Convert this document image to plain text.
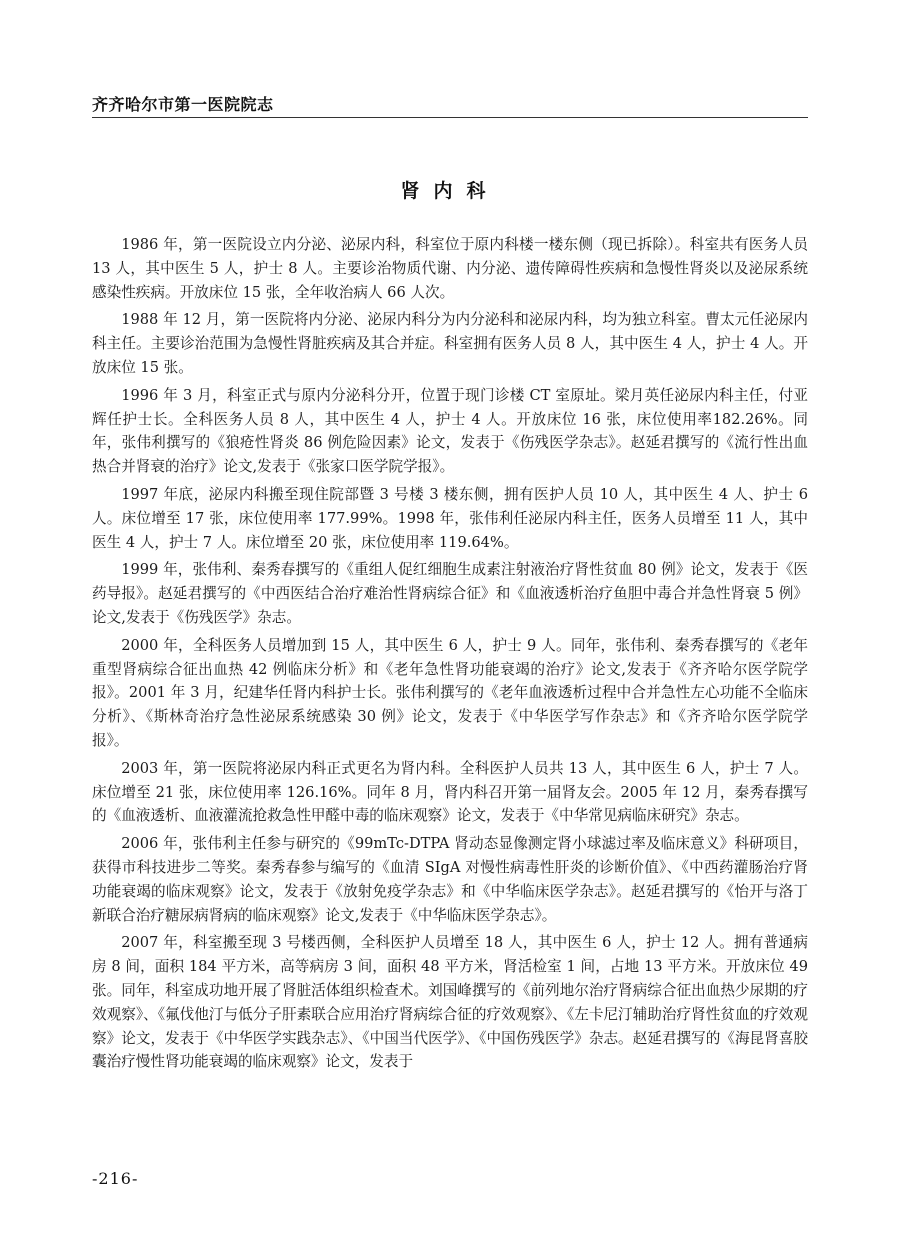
齐齐哈尔市第一医院院志
肾内科

1986 年，第一医院设立内分泌、泌尿内科，科室位于原内科楼一楼东侧（现已拆除）。科室共有医务人员 13 人，其中医生 5 人，护士 8 人。主要诊治物质代谢、内分泌、遗传障碍性疾病和急慢性肾炎以及泌尿系统感染性疾病。开放床位 15 张，全年收治病人 66 人次。

1988 年 12 月，第一医院将内分泌、泌尿内科分为内分泌科和泌尿内科，均为独立科室。曹太元任泌尿内科主任。主要诊治范围为急慢性肾脏疾病及其合并症。科室拥有医务人员 8 人，其中医生 4 人，护士 4 人。开放床位 15 张。

1996 年 3 月，科室正式与原内分泌科分开，位置于现门诊楼 CT 室原址。梁月英任泌尿内科主任，付亚辉任护士长。全科医务人员 8 人，其中医生 4 人，护士 4 人。开放床位 16 张，床位使用率182.26%。同年，张伟利撰写的《狼疮性肾炎 86 例危险因素》论文，发表于《伤残医学杂志》。赵延君撰写的《流行性出血热合并肾衰的治疗》论文,发表于《张家口医学院学报》。

1997 年底，泌尿内科搬至现住院部暨 3 号楼 3 楼东侧，拥有医护人员 10 人，其中医生 4 人、护士 6 人。床位增至 17 张，床位使用率 177.99%。1998 年，张伟利任泌尿内科主任，医务人员增至 11 人，其中医生 4 人，护士 7 人。床位增至 20 张，床位使用率 119.64%。

1999 年，张伟利、秦秀春撰写的《重组人促红细胞生成素注射液治疗肾性贫血 80 例》论文，发表于《医药导报》。赵延君撰写的《中西医结合治疗难治性肾病综合征》和《血液透析治疗鱼胆中毒合并急性肾衰 5 例》论文,发表于《伤残医学》杂志。

2000 年，全科医务人员增加到 15 人，其中医生 6 人，护士 9 人。同年，张伟利、秦秀春撰写的《老年重型肾病综合征出血热 42 例临床分析》和《老年急性肾功能衰竭的治疗》论文,发表于《齐齐哈尔医学院学报》。2001 年 3 月，纪建华任肾内科护士长。张伟利撰写的《老年血液透析过程中合并急性左心功能不全临床分析》、《斯林奇治疗急性泌尿系统感染 30 例》论文，发表于《中华医学写作杂志》和《齐齐哈尔医学院学报》。

2003 年，第一医院将泌尿内科正式更名为肾内科。全科医护人员共 13 人，其中医生 6 人，护士 7 人。床位增至 21 张，床位使用率 126.16%。同年 8 月，肾内科召开第一届肾友会。2005 年 12 月，秦秀春撰写的《血液透析、血液灌流抢救急性甲醛中毒的临床观察》论文，发表于《中华常见病临床研究》杂志。

2006 年，张伟利主任参与研究的《99mTc-DTPA 肾动态显像测定肾小球滤过率及临床意义》科研项目，获得市科技进步二等奖。秦秀春参与编写的《血清 SIgA 对慢性病毒性肝炎的诊断价值》、《中西药灌肠治疗肾功能衰竭的临床观察》论文，发表于《放射免疫学杂志》和《中华临床医学杂志》。赵延君撰写的《怡开与洛丁新联合治疗糖尿病肾病的临床观察》论文,发表于《中华临床医学杂志》。

2007 年，科室搬至现 3 号楼西侧，全科医护人员增至 18 人，其中医生 6 人，护士 12 人。拥有普通病房 8 间，面积 184 平方米，高等病房 3 间，面积 48 平方米，肾活检室 1 间，占地 13 平方米。开放床位 49 张。同年，科室成功地开展了肾脏活体组织检查术。刘国峰撰写的《前列地尔治疗肾病综合征出血热少尿期的疗效观察》、《氟伐他汀与低分子肝素联合应用治疗肾病综合征的疗效观察》、《左卡尼汀辅助治疗肾性贫血的疗效观察》论文，发表于《中华医学实践杂志》、《中国当代医学》、《中国伤残医学》杂志。赵延君撰写的《海昆肾喜胶囊治疗慢性肾功能衰竭的临床观察》论文，发表于

-216-
